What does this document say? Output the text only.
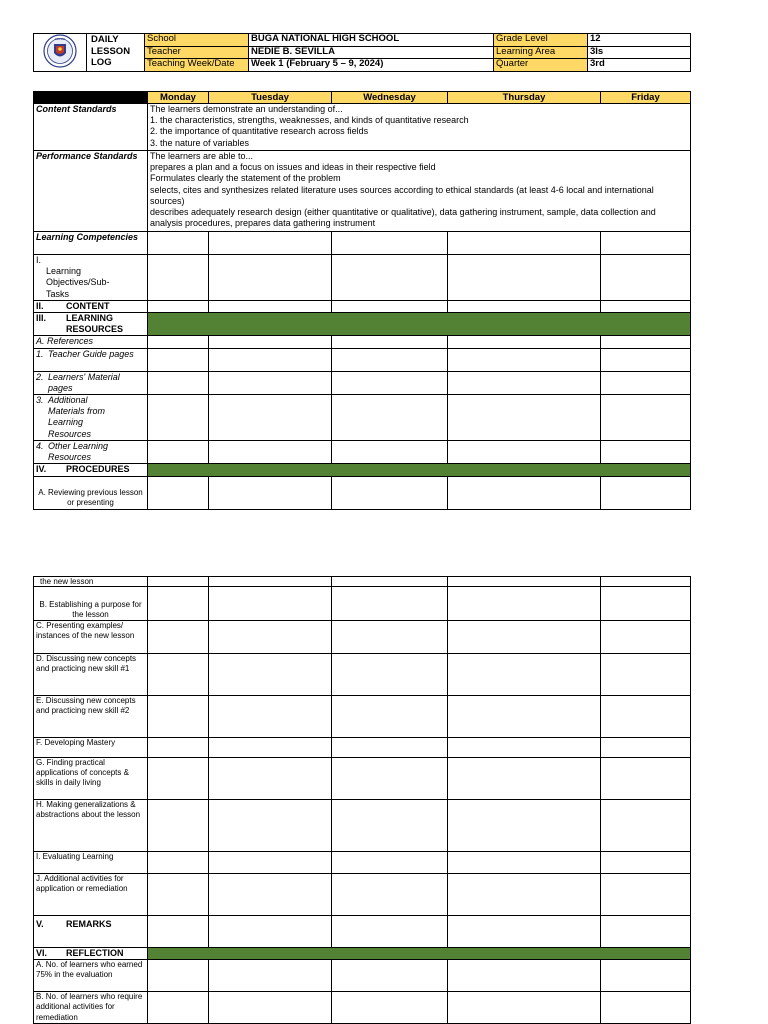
DEPED	DAILY
LESSON
LOG	School	BUGA NATIONAL HIGH SCHOOL	Grade Level	12
		Teacher	NEDIE B. SEVILLA	Learning Area	3Is
		Teaching Week/Date	Week 1 (February 5 – 9, 2024)	Quarter	3rd
	Monday	Tuesday	Wednesday	Thursday	Friday
Content Standards	The learners demonstrate an understanding of...
1. the characteristics, strengths, weaknesses, and kinds of quantitative research
2. the importance of quantitative research across fields
3. the nature of variables				

Performance Standards	The learners are able to...
prepares a plan and a focus on issues and ideas in their respective field
Formulates clearly the statement of the problem
selects, cites and synthesizes related literature uses sources according to ethical standards (at least 4-6 local and international sources)
describes adequately research design (either quantitative or qualitative), data gathering instrument, sample, data collection and analysis procedures, prepares data gathering instrument				

Learning Competencies					
I.Learning Objectives/Sub-Tasks					
II. CONTENT					
III. LEARNING RESOURCES					
A. References					
1. Teacher Guide pages					
2. Learners' Material pages					
3. Additional Materials from Learning Resources					
4. Other Learning Resources					
IV. PROCEDURES					
A. Reviewing previous lesson or presenting					
the new lesson					
B. Establishing a purpose for the lesson					
C. Presenting examples/ instances of the new lesson					
D. Discussing new concepts and practicing new skill #1					
E. Discussing new concepts and practicing new skill #2					
F. Developing Mastery					
G. Finding practical applications of concepts & skills in daily living					
H. Making generalizations & abstractions about the lesson					
I. Evaluating Learning					
J. Additional activities for application or remediation					
V. REMARKS					
VI. REFLECTION					
A. No. of learners who earned 75% in the evaluation					
B. No. of learners who require additional activities for remediation					
